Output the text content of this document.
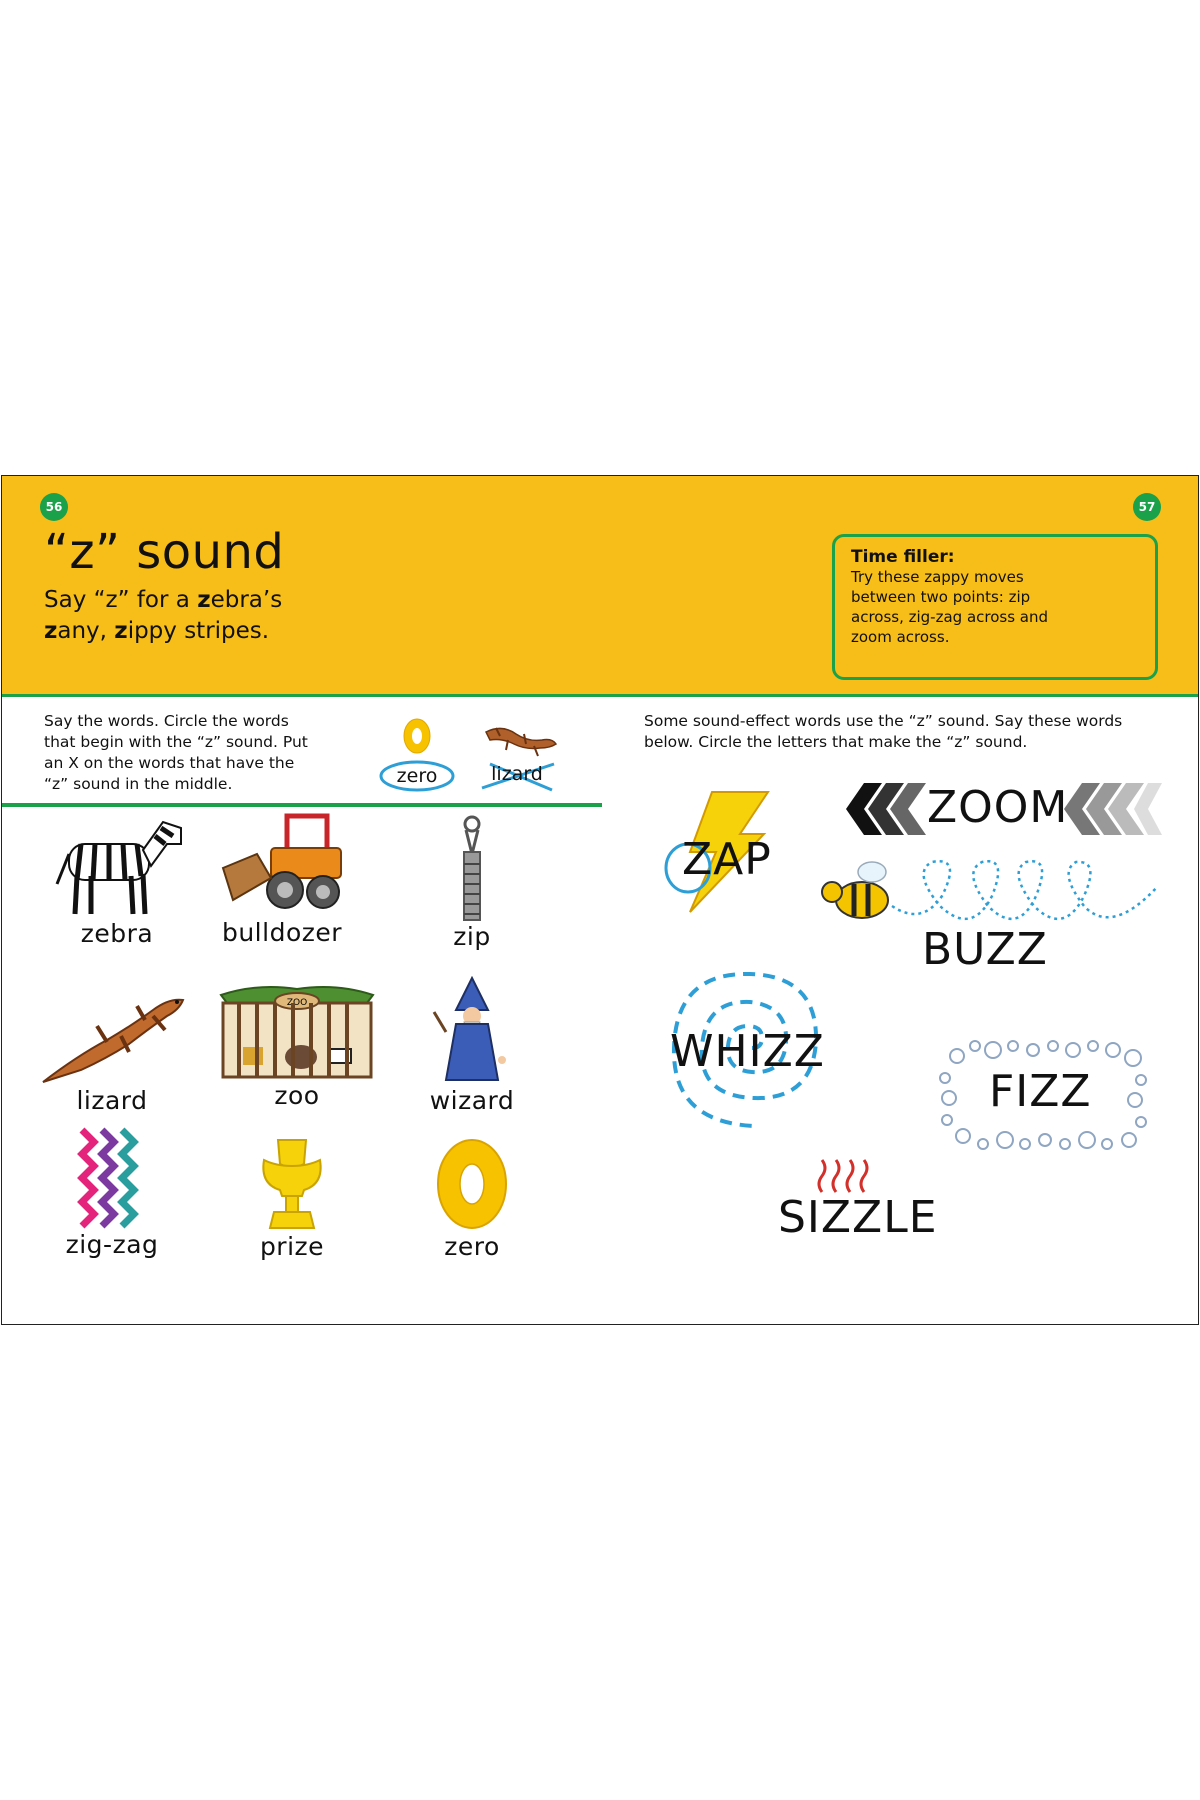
56	57
“z” sound
Say “z” for a zebra’s
zany, zippy stripes.
Time filler:
Try these zappy moves between two points: zip across, zig-zag across and zoom across.
Say the words. Circle the words that begin with the “z” sound. Put an X on the words that have the “z” sound in the middle.	zero	lizard
zebra	bulldozer	zip
lizard
ZOO
zoo	wizard
zig-zag	prize	zero
Some sound-effect words use the “z” sound. Say these words below. Circle the letters that make the “z” sound.
ZAP
ZOOM
BUZZ
WHIZZ
FIZZ
SIZZLE
